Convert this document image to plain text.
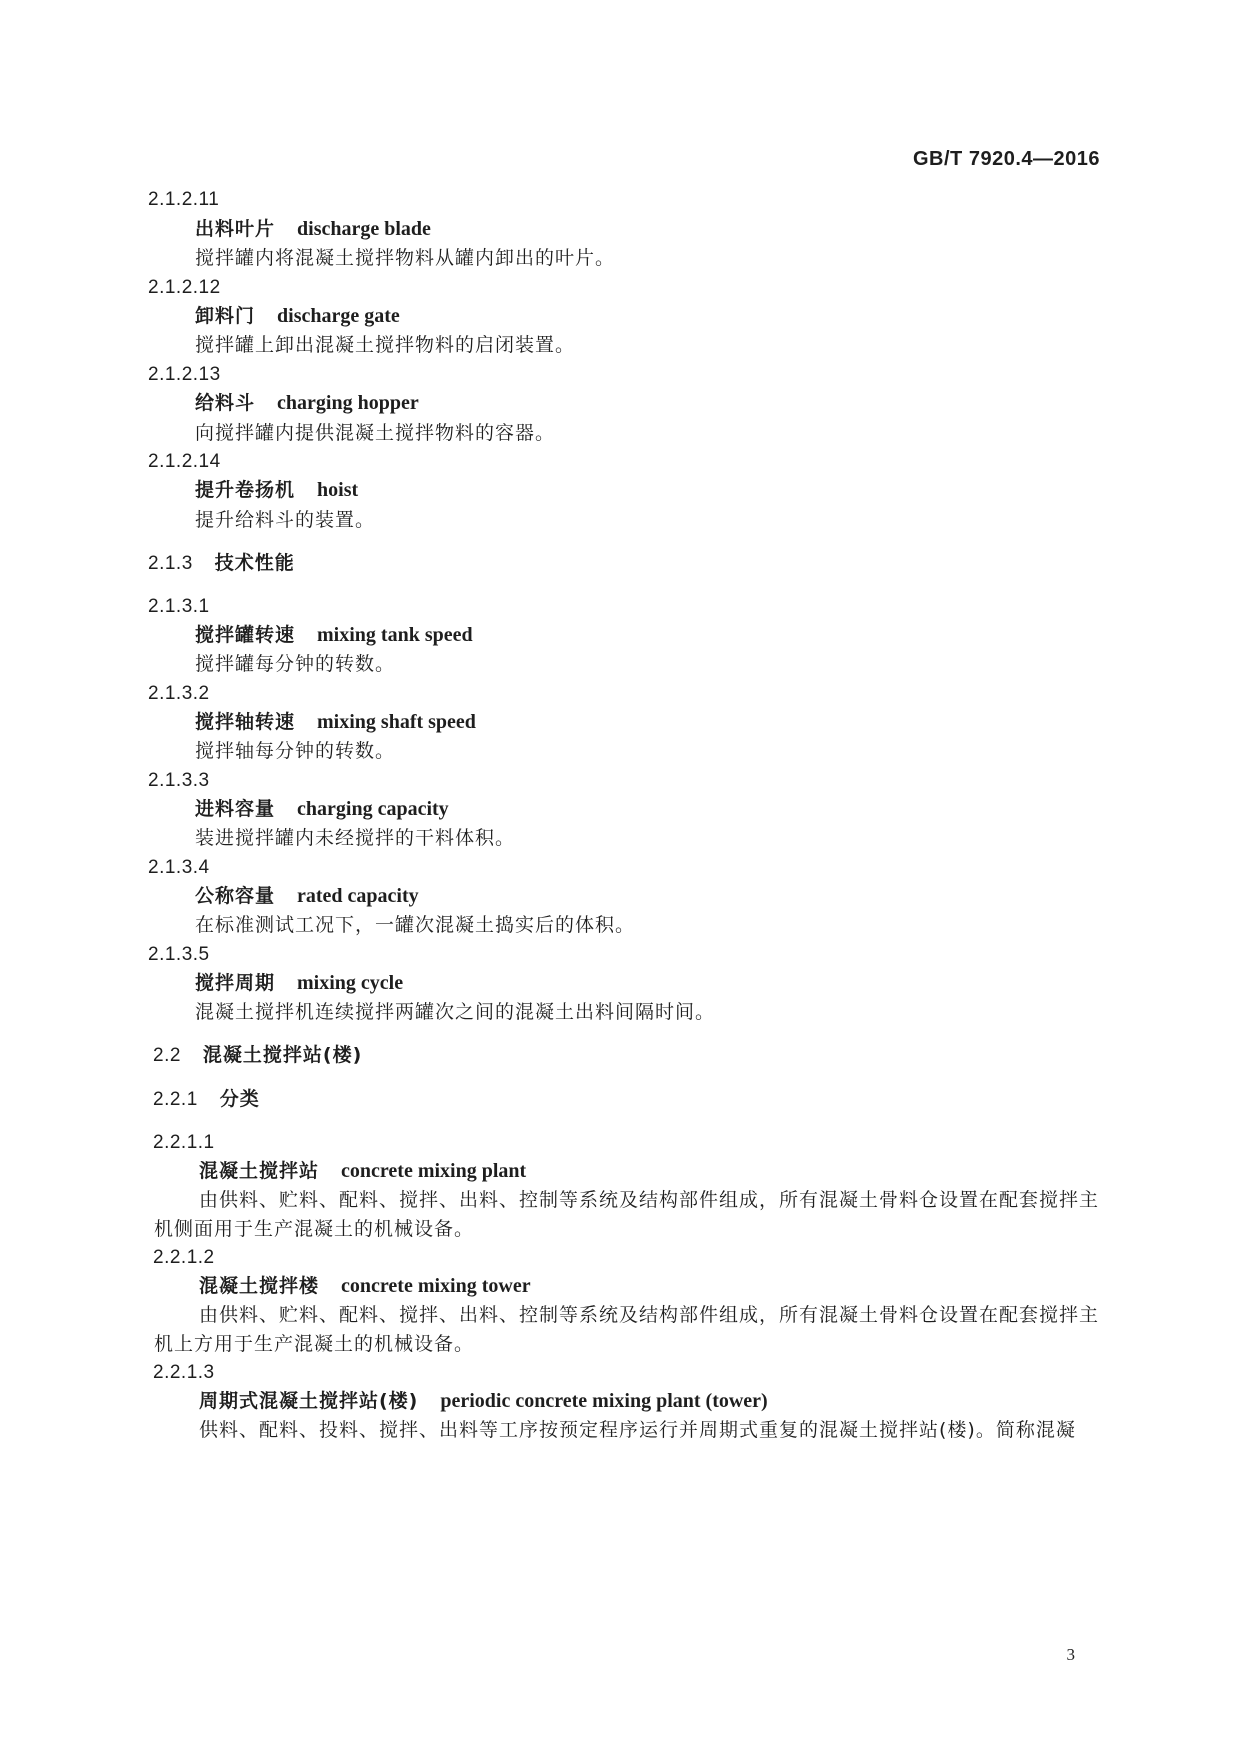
GB/T 7920.4—2016
2.1.2.11
出料叶片 discharge blade
搅拌罐内将混凝土搅拌物料从罐内卸出的叶片。
2.1.2.12
卸料门 discharge gate
搅拌罐上卸出混凝土搅拌物料的启闭装置。
2.1.2.13
给料斗 charging hopper
向搅拌罐内提供混凝土搅拌物料的容器。
2.1.2.14
提升卷扬机 hoist
提升给料斗的装置。
2.1.3 技术性能
2.1.3.1
搅拌罐转速 mixing tank speed
搅拌罐每分钟的转数。
2.1.3.2
搅拌轴转速 mixing shaft speed
搅拌轴每分钟的转数。
2.1.3.3
进料容量 charging capacity
装进搅拌罐内未经搅拌的干料体积。
2.1.3.4
公称容量 rated capacity
在标准测试工况下，一罐次混凝土捣实后的体积。
2.1.3.5
搅拌周期 mixing cycle
混凝土搅拌机连续搅拌两罐次之间的混凝土出料间隔时间。
2.2 混凝土搅拌站(楼)
2.2.1 分类
2.2.1.1
混凝土搅拌站 concrete mixing plant
由供料、贮料、配料、搅拌、出料、控制等系统及结构部件组成，所有混凝土骨料仓设置在配套搅拌主
机侧面用于生产混凝土的机械设备。
2.2.1.2
混凝土搅拌楼 concrete mixing tower
由供料、贮料、配料、搅拌、出料、控制等系统及结构部件组成，所有混凝土骨料仓设置在配套搅拌主
机上方用于生产混凝土的机械设备。
2.2.1.3
周期式混凝土搅拌站(楼) periodic concrete mixing plant (tower)
供料、配料、投料、搅拌、出料等工序按预定程序运行并周期式重复的混凝土搅拌站(楼)。简称混凝
3
